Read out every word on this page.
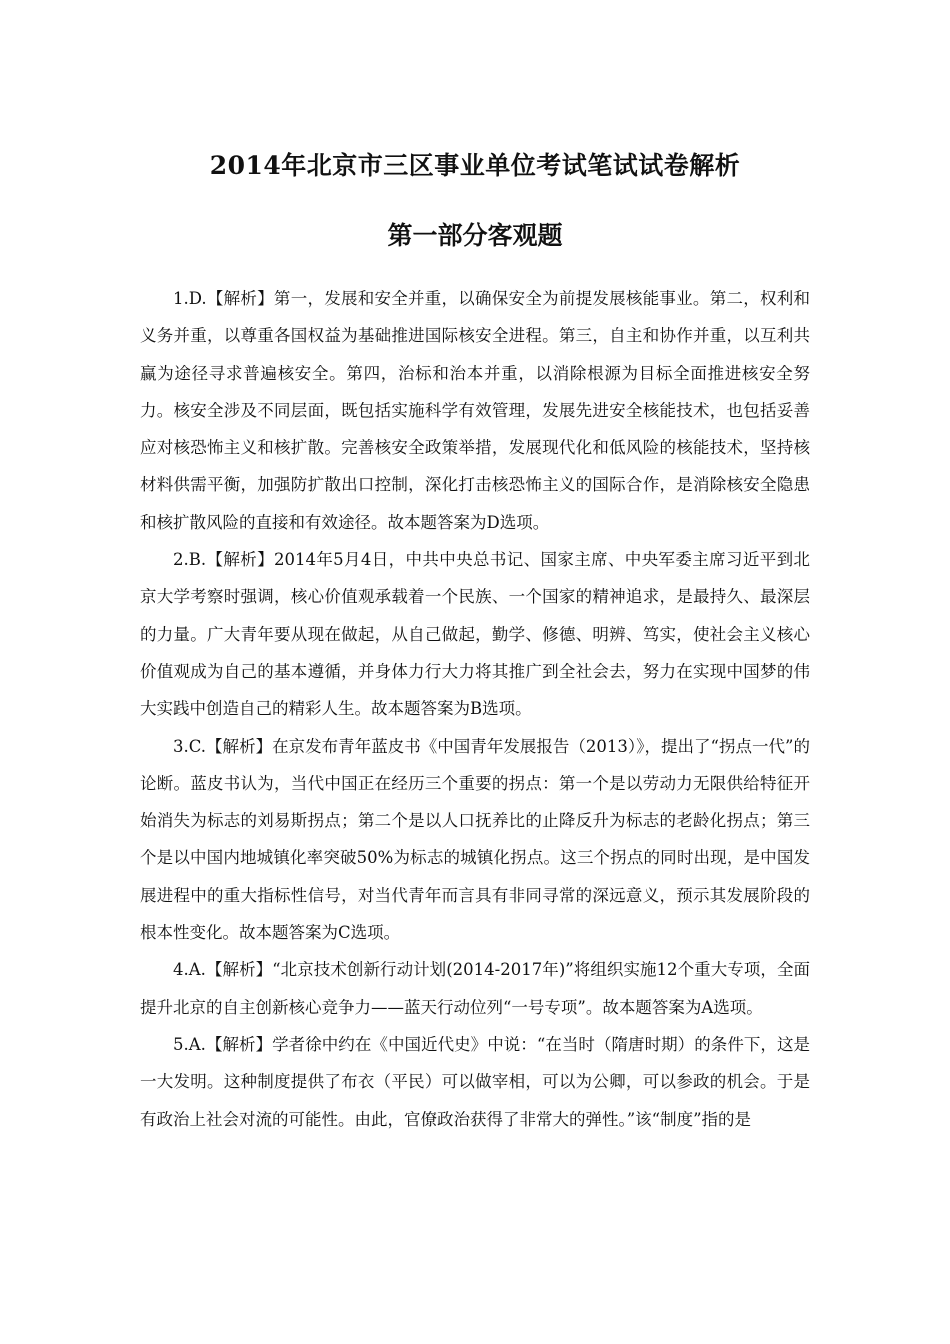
2014年北京市三区事业单位考试笔试试卷解析
第一部分客观题

1.D.【解析】第一，发展和安全并重，以确保安全为前提发展核能事业。第二，权利和义务并重，以尊重各国权益为基础推进国际核安全进程。第三，自主和协作并重，以互利共赢为途径寻求普遍核安全。第四，治标和治本并重，以消除根源为目标全面推进核安全努力。核安全涉及不同层面，既包括实施科学有效管理，发展先进安全核能技术，也包括妥善应对核恐怖主义和核扩散。完善核安全政策举措，发展现代化和低风险的核能技术，坚持核材料供需平衡，加强防扩散出口控制，深化打击核恐怖主义的国际合作，是消除核安全隐患和核扩散风险的直接和有效途径。故本题答案为D选项。

2.B.【解析】2014年5月4日，中共中央总书记、国家主席、中央军委主席习近平到北京大学考察时强调，核心价值观承载着一个民族、一个国家的精神追求，是最持久、最深层的力量。广大青年要从现在做起，从自己做起，勤学、修德、明辨、笃实，使社会主义核心价值观成为自己的基本遵循，并身体力行大力将其推广到全社会去，努力在实现中国梦的伟大实践中创造自己的精彩人生。故本题答案为B选项。

3.C.【解析】在京发布青年蓝皮书《中国青年发展报告（2013）》，提出了“拐点一代”的论断。蓝皮书认为，当代中国正在经历三个重要的拐点：第一个是以劳动力无限供给特征开始消失为标志的刘易斯拐点；第二个是以人口抚养比的止降反升为标志的老龄化拐点；第三个是以中国内地城镇化率突破50%为标志的城镇化拐点。这三个拐点的同时出现，是中国发展进程中的重大指标性信号，对当代青年而言具有非同寻常的深远意义，预示其发展阶段的根本性变化。故本题答案为C选项。

4.A.【解析】“北京技术创新行动计划(2014-2017年)”将组织实施12个重大专项，全面提升北京的自主创新核心竞争力——蓝天行动位列“一号专项”。故本题答案为A选项。

5.A.【解析】学者徐中约在《中国近代史》中说：“在当时（隋唐时期）的条件下，这是一大发明。这种制度提供了布衣（平民）可以做宰相，可以为公卿，可以参政的机会。于是有政治上社会对流的可能性。由此，官僚政治获得了非常大的弹性。”该“制度”指的是
